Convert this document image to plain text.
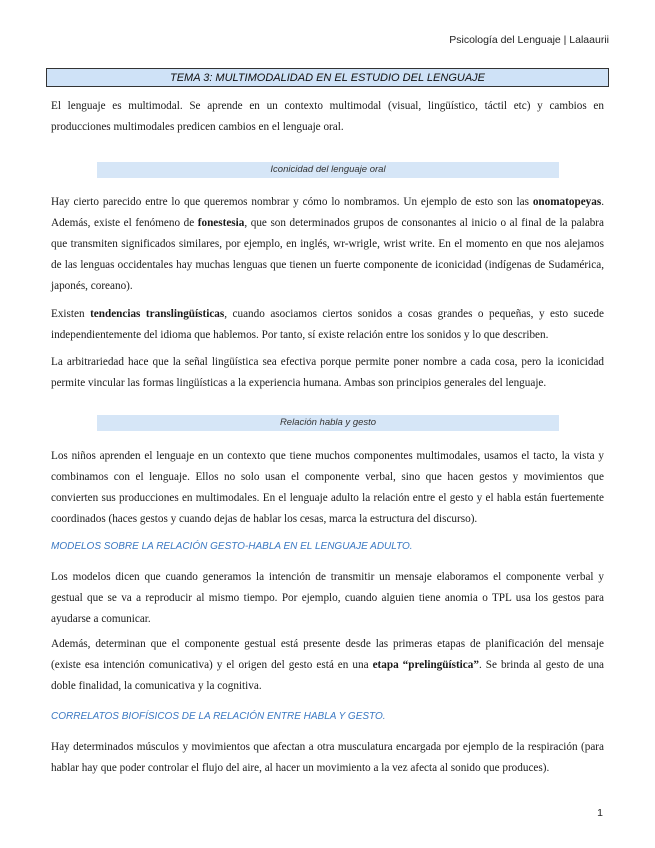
Psicología del Lenguaje | Lalaaurii
TEMA 3: MULTIMODALIDAD EN EL ESTUDIO DEL LENGUAJE

El lenguaje es multimodal. Se aprende en un contexto multimodal (visual, lingüístico, táctil etc) y cambios en producciones multimodales predicen cambios en el lenguaje oral.

Iconicidad del lenguaje oral

Hay cierto parecido entre lo que queremos nombrar y cómo lo nombramos. Un ejemplo de esto son las onomatopeyas. Además, existe el fenómeno de fonestesia, que son determinados grupos de consonantes al inicio o al final de la palabra que transmiten significados similares, por ejemplo, en inglés, wr-wrigle, wrist write. En el momento en que nos alejamos de las lenguas occidentales hay muchas lenguas que tienen un fuerte componente de iconicidad (indígenas de Sudamérica, japonés, coreano).

Existen tendencias translingüísticas, cuando asociamos ciertos sonidos a cosas grandes o pequeñas, y esto sucede independientemente del idioma que hablemos. Por tanto, sí existe relación entre los sonidos y lo que describen.

La arbitrariedad hace que la señal lingüística sea efectiva porque permite poner nombre a cada cosa, pero la iconicidad permite vincular las formas lingüísticas a la experiencia humana. Ambas son principios generales del lenguaje.

Relación habla y gesto

Los niños aprenden el lenguaje en un contexto que tiene muchos componentes multimodales, usamos el tacto, la vista y combinamos con el lenguaje. Ellos no solo usan el componente verbal, sino que hacen gestos y movimientos que convierten sus producciones en multimodales. En el lenguaje adulto la relación entre el gesto y el habla están fuertemente coordinados (haces gestos y cuando dejas de hablar los cesas, marca la estructura del discurso).

MODELOS SOBRE LA RELACIÓN GESTO-HABLA EN EL LENGUAJE ADULTO.

Los modelos dicen que cuando generamos la intención de transmitir un mensaje elaboramos el componente verbal y gestual que se va a reproducir al mismo tiempo. Por ejemplo, cuando alguien tiene anomia o TPL usa los gestos para ayudarse a comunicar.

Además, determinan que el componente gestual está presente desde las primeras etapas de planificación del mensaje (existe esa intención comunicativa) y el origen del gesto está en una etapa “prelingüística”. Se brinda al gesto de una doble finalidad, la comunicativa y la cognitiva.

CORRELATOS BIOFÍSICOS DE LA RELACIÓN ENTRE HABLA Y GESTO.

Hay determinados músculos y movimientos que afectan a otra musculatura encargada por ejemplo de la respiración (para hablar hay que poder controlar el flujo del aire, al hacer un movimiento a la vez afecta al sonido que produces).

1
